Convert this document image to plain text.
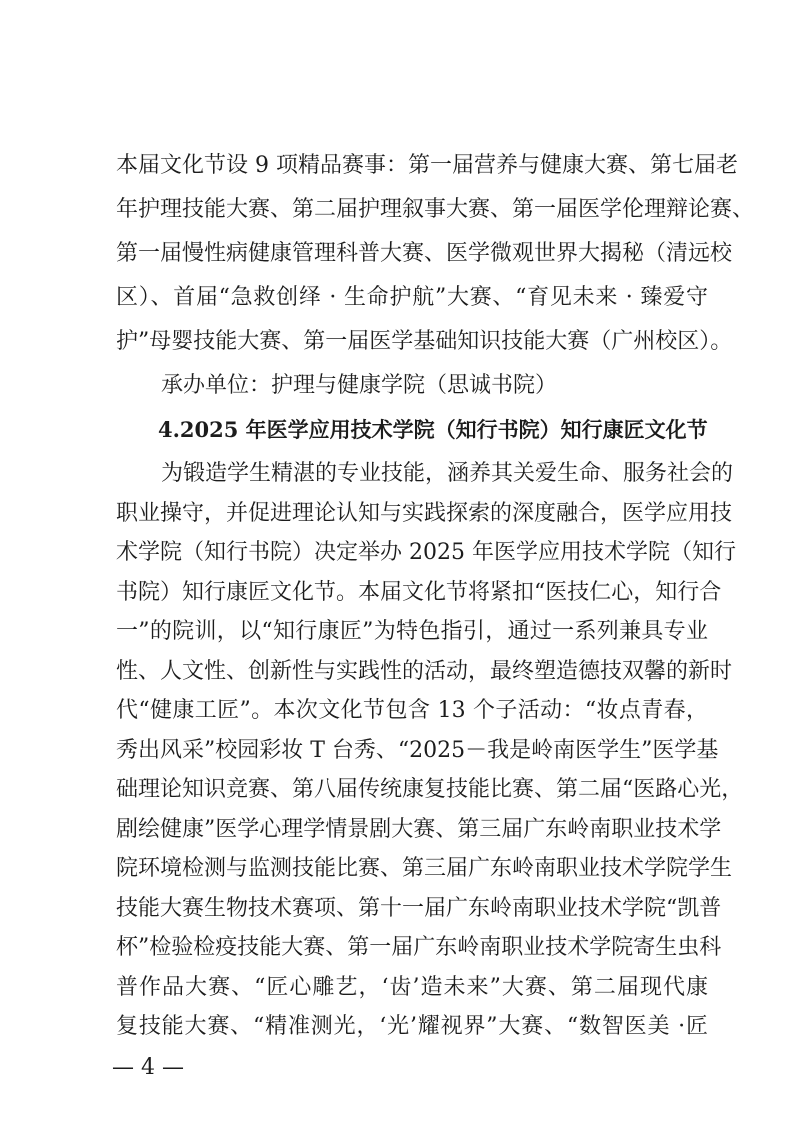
本届文化节设 9 项精品赛事：第一届营养与健康大赛、第七届老
年护理技能大赛、第二届护理叙事大赛、第一届医学伦理辩论赛、
第一届慢性病健康管理科普大赛、医学微观世界大揭秘（清远校
区）、首届“急救创绎 · 生命护航”大赛、“育见未来 · 臻爱守
护”母婴技能大赛、第一届医学基础知识技能大赛（广州校区）。
承办单位：护理与健康学院（思诚书院）
4.2025 年医学应用技术学院（知行书院）知行康匠文化节
为锻造学生精湛的专业技能，涵养其关爱生命、服务社会的
职业操守，并促进理论认知与实践探索的深度融合，医学应用技
术学院（知行书院）决定举办 2025 年医学应用技术学院（知行
书院）知行康匠文化节。本届文化节将紧扣“医技仁心，知行合
一”的院训，以“知行康匠”为特色指引，通过一系列兼具专业
性、人文性、创新性与实践性的活动，最终塑造德技双馨的新时
代“健康工匠”。本次文化节包含 13 个子活动：“妆点青春，
秀出风采”校园彩妆 T 台秀、“2025－我是岭南医学生”医学基
础理论知识竞赛、第八届传统康复技能比赛、第二届“医路心光，
剧绘健康”医学心理学情景剧大赛、第三届广东岭南职业技术学
院环境检测与监测技能比赛、第三届广东岭南职业技术学院学生
技能大赛生物技术赛项、第十一届广东岭南职业技术学院“凯普
杯”检验检疫技能大赛、第一届广东岭南职业技术学院寄生虫科
— 4 —
普作品大赛、“匠心雕艺，‘齿’造未来”大赛、第二届现代康
复技能大赛、“精准测光，‘光’耀视界”大赛、“数智医美 ·匠
